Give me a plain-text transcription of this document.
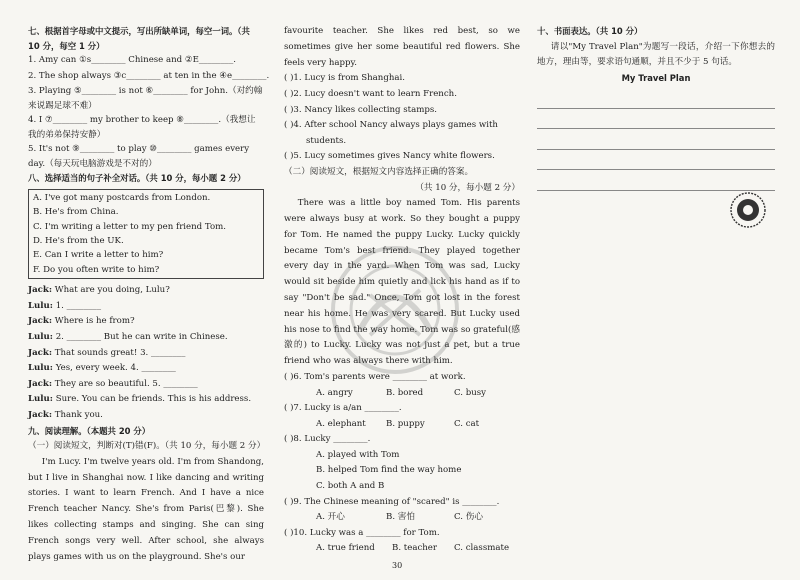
七、根据首字母或中文提示，写出所缺单词，每空一词。（共 10 分，每空 1 分）
1. Amy can ①s________ Chinese and ②E________.
2. The shop always ③c________ at ten in the ④e________.
3. Playing ⑤________ is not ⑥________ for John.（对约翰来说踢足球不难）
4. I ⑦________ my brother to keep ⑧________.（我想让我的弟弟保持安静）
5. It's not ⑨________ to play ⑩________ games every day.（每天玩电脑游戏是不对的）
八、选择适当的句子补全对话。（共 10 分，每小题 2 分）
A. I've got many postcards from London.
B. He's from China.
C. I'm writing a letter to my pen friend Tom.
D. He's from the UK.
E. Can I write a letter to him?
F. Do you often write to him?
Jack: What are you doing, Lulu?
Lulu: 1. ________
Jack: Where is he from?
Lulu: 2. ________ But he can write in Chinese.
Jack: That sounds great! 3. ________
Lulu: Yes, every week. 4. ________
Jack: They are so beautiful. 5. ________
Lulu: Sure. You can be friends. This is his address.
Jack: Thank you.
九、阅读理解。（本题共 20 分）
（一）阅读短文，判断对(T)错(F)。（共 10 分，每小题 2 分）

I'm Lucy. I'm twelve years old. I'm from Shandong, but I live in Shanghai now. I like dancing and writing stories. I want to learn French. And I have a nice French teacher Nancy. She's from Paris(巴黎). She likes collecting stamps and singing. She can sing French songs very well. After school, she always plays games with us on the playground. She's our

favourite teacher. She likes red best, so we sometimes give her some beautiful red flowers. She feels very happy.
( )1. Lucy is from Shanghai.
( )2. Lucy doesn't want to learn French.
( )3. Nancy likes collecting stamps.
( )4. After school Nancy always plays games with students.
( )5. Lucy sometimes gives Nancy white flowers.
（二）阅读短文，根据短文内容选择正确的答案。
（共 10 分，每小题 2 分）

There was a little boy named Tom. His parents were always busy at work. So they bought a puppy for Tom. He named the puppy Lucky. Lucky quickly became Tom's best friend. They played together every day in the yard. When Tom was sad, Lucky would sit beside him quietly and lick his hand as if to say "Don't be sad." Once, Tom got lost in the forest near his home. He was very scared. But Lucky used his nose to find the way home. Tom was so grateful(感激的) to Lucky. Lucky was not just a pet, but a true friend who was always there with him.

( )6. Tom's parents were ________ at work.
A. angry	B. bored	C. busy
( )7. Lucky is a/an ________.
A. elephant B. puppy	C. cat
( )8. Lucky ________.
A. played with Tom
B. helped Tom find the way home
C. both A and B
( )9. The Chinese meaning of "scared" is ________.
A. 开心	B. 害怕	C. 伤心
( )10. Lucky was a ________ for Tom.
A. true friend B. teacher C. classmate
十、书面表达。（共 10 分）
请以"My Travel Plan"为题写一段话，介绍一下你想去的地方，理由等，要求语句通顺，并且不少于 5 句话。
My Travel Plan
30
